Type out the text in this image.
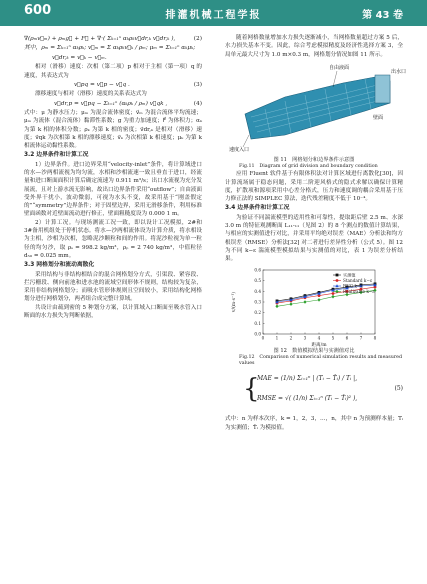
600	排灌机械工程学报	第 43 卷
(2)
∇(ρₘv⃗ₘ) + ρₘg⃗ + F⃗ + ∇·( Σₖ₌₁ⁿ αₖρₖv⃗dr,ₖ v⃗dr,ₖ ),
其中，ρₘ = Σₖ₌₁ⁿ αₖρₖ; v⃗ₘ = Σ αₖρₖv⃗ₖ / ρₘ; μₘ = Σₖ₌₁ⁿ αₖμₖ;
v⃗dr,ₖ = v⃗ₖ − v⃗ₘ.

相对（滑移）速度：次相（第二项）p 相对于主相（第一项）q 的速度，其表达式为

(3)
v⃗pq = v⃗p − v⃗q .

漂移速度与相对（滑移）速度的关系表达式为

(4)
v⃗dr,p = v⃗pq − Σₖ₌₁ⁿ (αₖρₖ / ρₘ) v⃗qk ,

式中：μ 为静水压力；μₘ 为混合流体密度；v⃗ₘ 为混合流体平均流速；μₘ 为流体（混合流体）黏滞性系数；g 为重力加速度；F⃗ 为体积力；αₖ 为第 k 相的体积分数；ρₖ 为第 k 相的密度；v⃗dr,ₖ 是相对（滑移）速度；v⃗qk 为次相第 k 相的漂移速度；v⃗ₖ 为次相第 k 相速度；μₖ 为第 k 相流体运动黏性系数。

3.2 边界条件和计算工况

1）边界条件。进口边界采用“velocity-inlet”条件，将计算域进口的水—沙两相流视为均匀流，水相和沙相流速一致且垂直于进口，经流量和进口断面面积计算后确定流速为 0.911 m³/s；出口水流视为充分发展流，且对上游水流无影响，故出口边界条件采用“outflow”；自由液面受外界干扰小，波动微弱，可视为水头不变，故采用基于“刚盖假定的”“symmetry”边界条件；对于固壁边界，采用无滑移条件，利用标准壁面函数对近壁面流动进行修正，壁面粗糙度设为 0.000 1 m。

2）计算工况。与现场测流工况一致，即以设计工况模拟，2#和 3#备用机组处于停机状态。将水—沙两相流体设为计算介质，将水相设为主相，沙相为次相，忽略泥沙颗粒和间的作用。将泥沙粒视为单一粒径的均匀沙，取 ρₛ = 998.2 kg/m³，ρₚ = 2 740 kg/m³，中值粒径 d₅₀ = 0.025 mm。

3.3 网格划分和流动离散化

采用结构与非结构相结合的混合网格划分方式，引渠段、紧容段、拦污栅段、侧向前池和进水池的流域空间形体不规则，结构较为复杂，采用非结构网格划分；而吸水管形体规则且空间较小，采用结构化网格划分进行网格划分，两者组合成完整计算域。

共设计由疏到密的 5 种划分方案，以计算域入口断面至吸水管入口断面的水力损失为判断依据，

随着网格数量增加水力损失逐渐减小，当网格数量超过方案 5 后，水力损失基本不变。因此，综合考虑模拟精度及经济性选择方案 3，全局单元最大尺寸为 1.0 m×0.3 m，网格划分情况如图 11 所示。

自由液面
出水口
速度入口
壁面
图 11　网格划分和边界条件示意图
Fig.11　Diagram of grid division and boundary condition

应用 Fluent 软件基于有限体积法对计算区域进行离散化[30]，因计算流场属于稳态问题，采用二阶迎风格式的隐式求解以确保计算精度，扩散项和源项采用中心差分格式，压力和速度调的耦合采用基于压力修正法的 SIMPLEC 算法，迭代残差精度不低于 10⁻⁴。

3.4 边界条件和计算工况

为验证不同湍流模型的适用性和可靠性，提取距后壁 2.5 m、水深 3.0 m 的特征观测断面 L₁₁-₁₁（见图 2）的 8 个测点的数值计算结果，与相应的实测值进行对比，并采用平均绝对误差（MAE）分析法和均方根误差（RMSE）分析法[32] 对二者进行差异性分析（公式 5）。图 12 为不同 k−ε 湍流模型模拟结果与实测值的对比，表 1 为误差分析结果。

0	1	2	3	4	5	6	7	8
0.0
0.1
0.2
0.3
0.4
0.5
0.6
距离/m
v/(m·s⁻¹)
实测值
Standard k−ε
RNG k−ε
Realizable k−ε
图 12　数值模拟结果与实测值对比
Fig.12　Comparison of numerical simulation results and measured values
{
MAE = (1/n) Σᵢ₌₁ⁿ | (Tᵢ − T̂ᵢ) / Tᵢ |,
RMSE = √( (1/n) Σᵢ₌₁ⁿ (Tᵢ − T̂ᵢ)² ),
(5)

式中：n 为样本次序，k = 1，2，3，…，n，其中 n 为预测样本量；Tᵢ 为实测值；T̂ᵢ 为模拟值。
